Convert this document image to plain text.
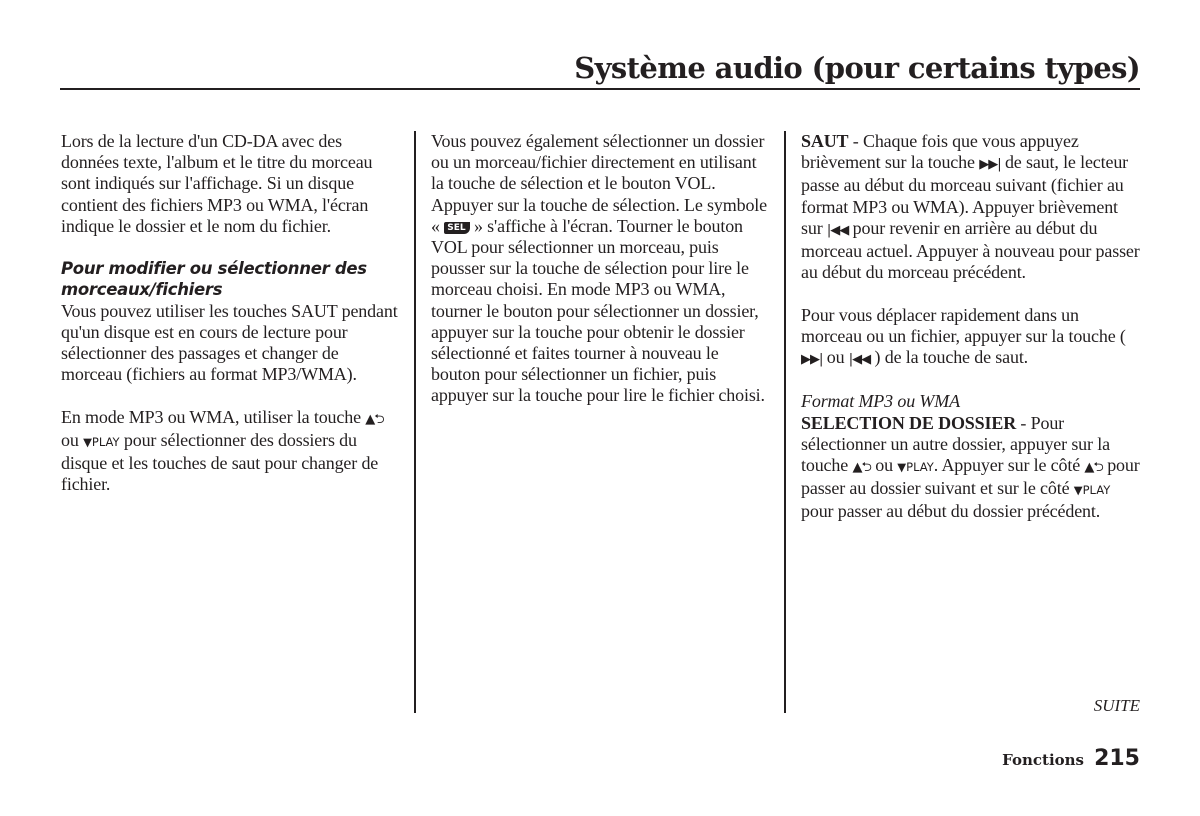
Système audio (pour certains types)

Lors de la lecture d'un CD-DA avec des données texte, l'album et le titre du morceau sont indiqués sur l'affichage. Si un disque contient des fichiers MP3 ou WMA, l'écran indique le dossier et le nom du fichier.

Pour modifier ou sélectionner des morceaux/fichiers

Vous pouvez utiliser les touches SAUT pendant qu'un disque est en cours de lecture pour sélectionner des passages et changer de morceau (fichiers au format MP3/WMA).

En mode MP3 ou WMA, utiliser la touche ▲⮌ ou ▼PLAY pour sélectionner des dossiers du disque et les touches de saut pour changer de fichier.

Vous pouvez également sélectionner un dossier ou un morceau/fichier directement en utilisant la touche de sélection et le bouton VOL. Appuyer sur la touche de sélection. Le symbole « SEL » s'affiche à l'écran. Tourner le bouton VOL pour sélectionner un morceau, puis pousser sur la touche de sélection pour lire le morceau choisi. En mode MP3 ou WMA, tourner le bouton pour sélectionner un dossier, appuyer sur la touche pour obtenir le dossier sélectionné et faites tourner à nouveau le bouton pour sélectionner un fichier, puis appuyer sur la touche pour lire le fichier choisi.

SAUT - Chaque fois que vous appuyez brièvement sur la touche ▶▶| de saut, le lecteur passe au début du morceau suivant (fichier au format MP3 ou WMA). Appuyer brièvement sur |◀◀ pour revenir en arrière au début du morceau actuel. Appuyer à nouveau pour passer au début du morceau précédent.

Pour vous déplacer rapidement dans un morceau ou un fichier, appuyer sur la touche ( ▶▶| ou |◀◀ ) de la touche de saut.

Format MP3 ou WMA

SELECTION DE DOSSIER - Pour sélectionner un autre dossier, appuyer sur la touche ▲⮌ ou ▼PLAY. Appuyer sur le côté ▲⮌ pour passer au dossier suivant et sur le côté ▼PLAY pour passer au début du dossier précédent.

SUITE
Fonctions 215
